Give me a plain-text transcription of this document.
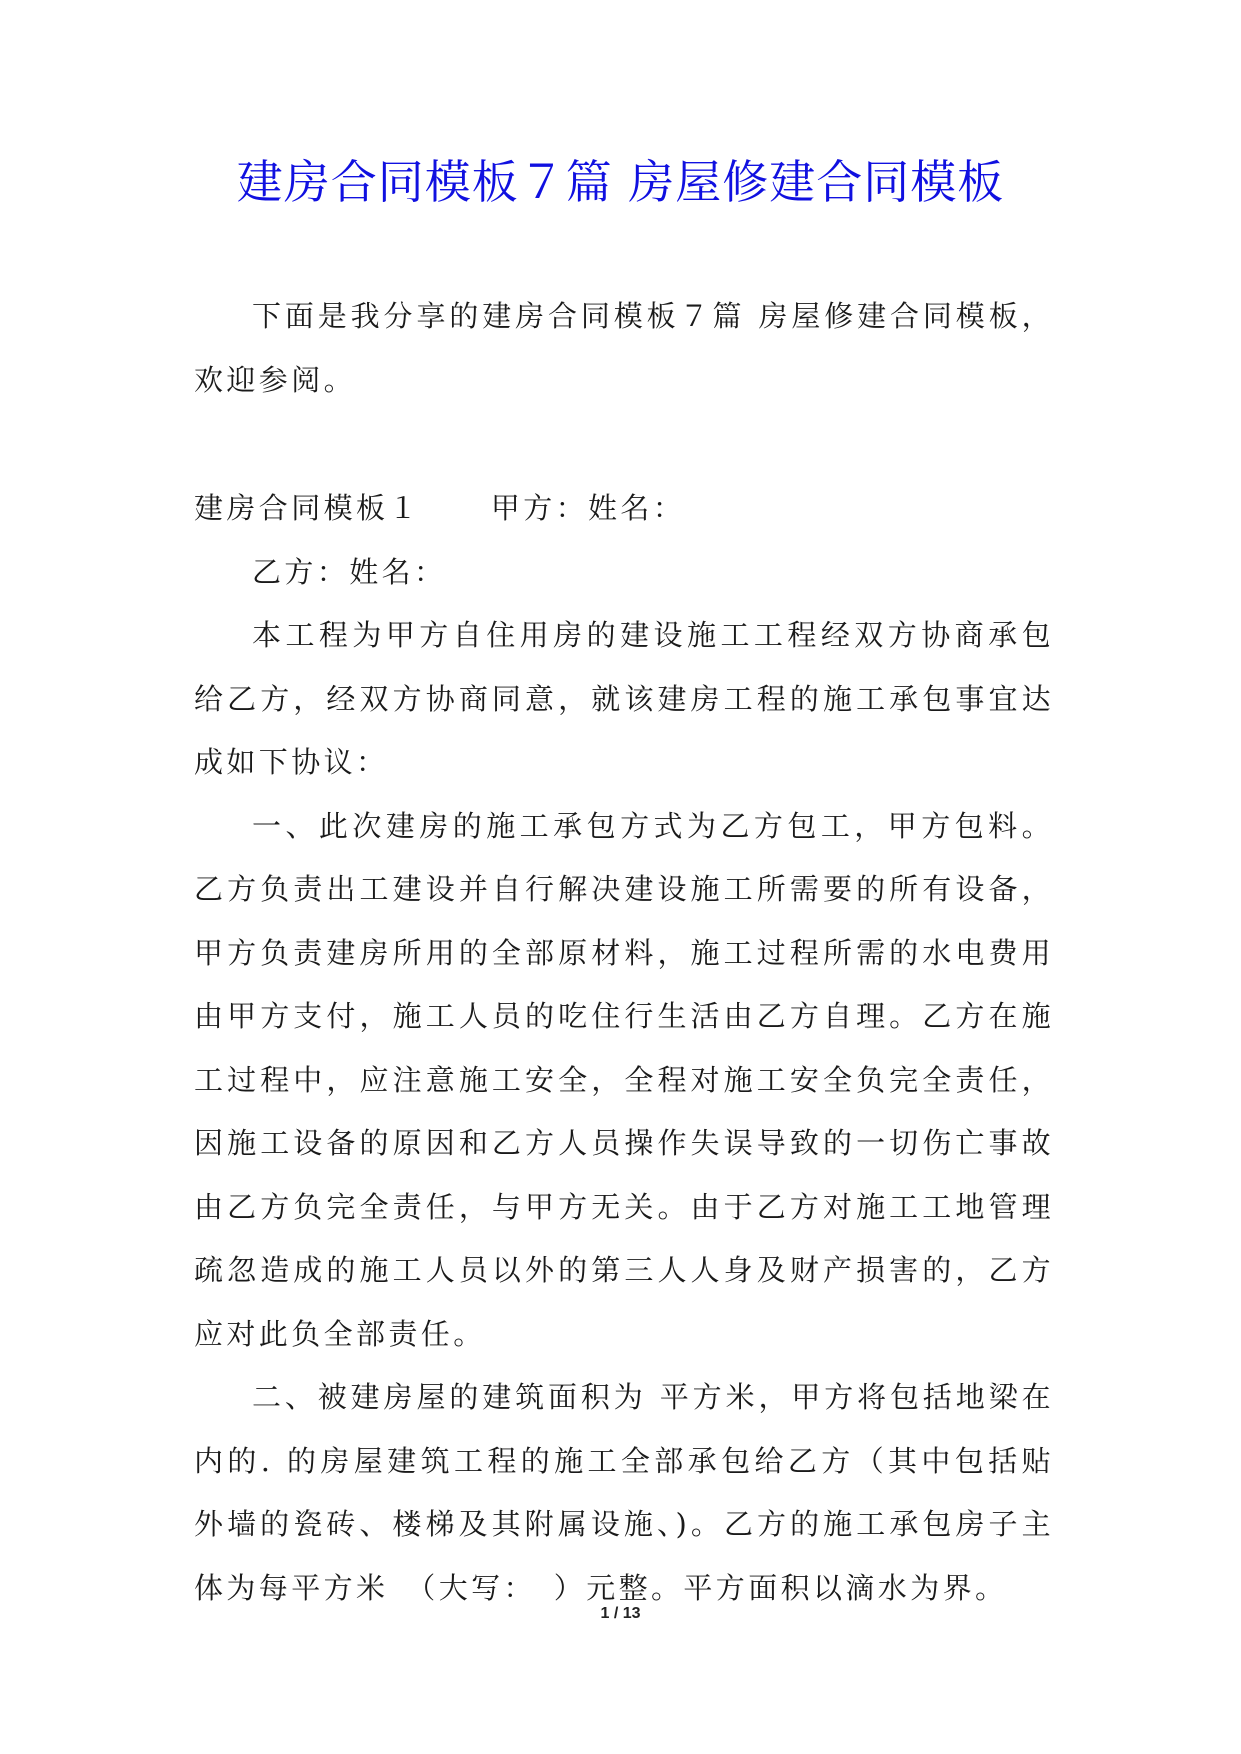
建房合同模板７篇 房屋修建合同模板

下面是我分享的建房合同模板７篇 房屋修建合同模板，欢迎参阅。

建房合同模板１ 甲方：姓名：

乙方：姓名：

本工程为甲方自住用房的建设施工工程经双方协商承包给乙方，经双方协商同意，就该建房工程的施工承包事宜达成如下协议：

一、此次建房的施工承包方式为乙方包工，甲方包料。乙方负责出工建设并自行解决建设施工所需要的所有设备，甲方负责建房所用的全部原材料，施工过程所需的水电费用由甲方支付，施工人员的吃住行生活由乙方自理。乙方在施工过程中，应注意施工安全，全程对施工安全负完全责任，因施工设备的原因和乙方人员操作失误导致的一切伤亡事故由乙方负完全责任，与甲方无关。由于乙方对施工工地管理疏忽造成的施工人员以外的第三人人身及财产损害的，乙方应对此负全部责任。

二、被建房屋的建筑面积为 平方米，甲方将包括地梁在内的. 的房屋建筑工程的施工全部承包给乙方（其中包括贴外墙的瓷砖、楼梯及其附属设施、)。乙方的施工承包房子主体为每平方米　（大写：　）元整。平方面积以滴水为界。

1 / 13
